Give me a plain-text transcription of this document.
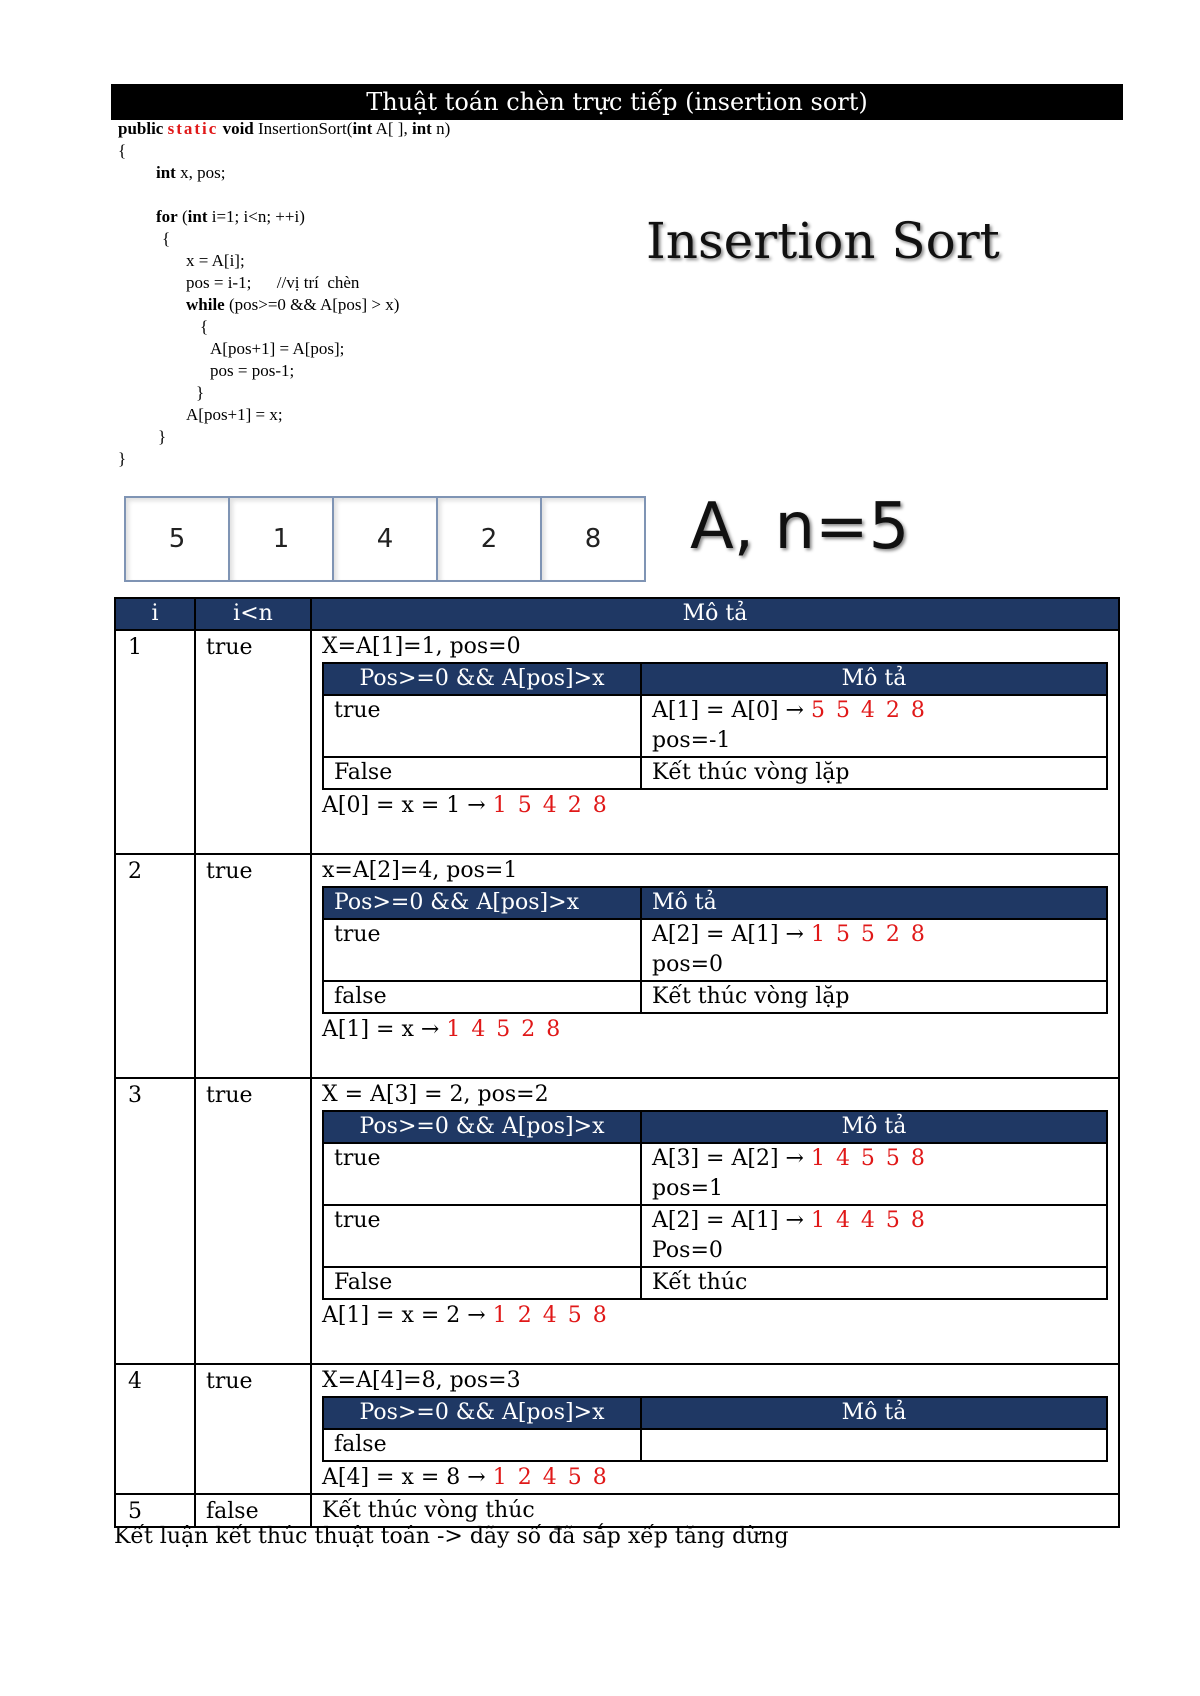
Thuật toán chèn trực tiếp (insertion sort)
public static void InsertionSort(int A[ ], int n)
{
int x, pos;
for (int i=1; i<n; ++i)
{
x = A[i];
pos = i-1;      //vị trí  chèn
while (pos>=0 && A[pos] > x)
{
A[pos+1] = A[pos];
pos = pos-1;
}
A[pos+1] = x;
}
}
Insertion Sort
5	1	4	2	8	A, n=5
i	i<n	Mô tả
1	true	X=A[1]=1, pos=0
Pos>=0 && A[pos]>x	Mô tả
true	A[1] = A[0] → 5 5 4 2 8
pos=-1
False	Kết thúc vòng lặp
A[0] = x = 1 → 1 5 4 2 8

2	true	x=A[2]=4, pos=1
Pos>=0 && A[pos]>x	Mô tả
true	A[2] = A[1] → 1 5 5 2 8
pos=0
false	Kết thúc vòng lặp
A[1] = x → 1 4 5 2 8

3	true	X = A[3] = 2, pos=2
Pos>=0 && A[pos]>x	Mô tả
true	A[3] = A[2] → 1 4 5 5 8
pos=1
true	A[2] = A[1] → 1 4 4 5 8
Pos=0
False	Kết thúc
A[1] = x = 2 → 1 2 4 5 8

4	true	X=A[4]=8, pos=3
Pos>=0 && A[pos]>x	Mô tả
false	
A[4] = x = 8 → 1 2 4 5 8

5	false	Kết thúc vòng thúc
Kết luận kết thúc thuật toán -> dãy số đã sắp xếp tăng dừng
